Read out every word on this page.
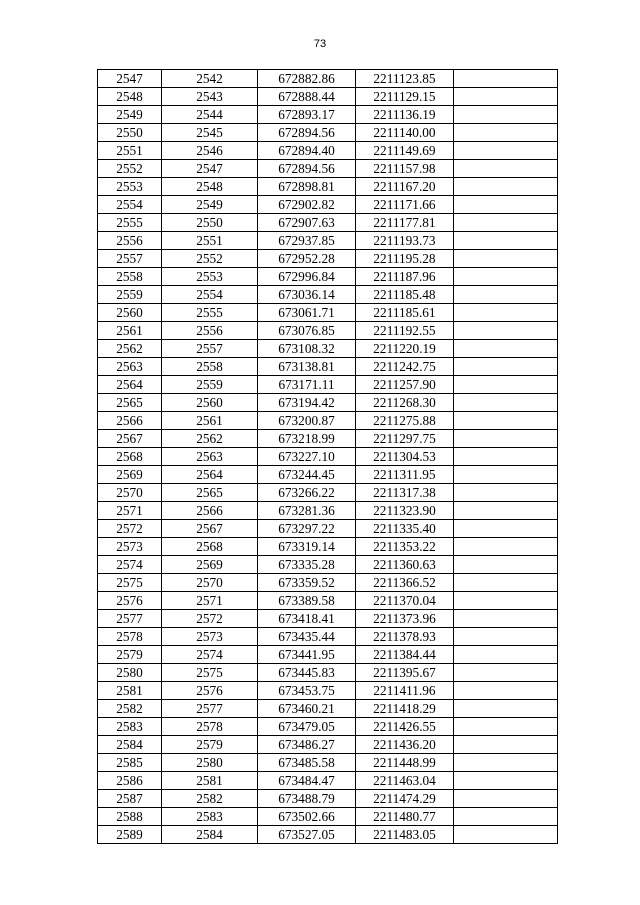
73
2547	2542	672882.86	2211123.85	
2548	2543	672888.44	2211129.15	
2549	2544	672893.17	2211136.19	
2550	2545	672894.56	2211140.00	
2551	2546	672894.40	2211149.69	
2552	2547	672894.56	2211157.98	
2553	2548	672898.81	2211167.20	
2554	2549	672902.82	2211171.66	
2555	2550	672907.63	2211177.81	
2556	2551	672937.85	2211193.73	
2557	2552	672952.28	2211195.28	
2558	2553	672996.84	2211187.96	
2559	2554	673036.14	2211185.48	
2560	2555	673061.71	2211185.61	
2561	2556	673076.85	2211192.55	
2562	2557	673108.32	2211220.19	
2563	2558	673138.81	2211242.75	
2564	2559	673171.11	2211257.90	
2565	2560	673194.42	2211268.30	
2566	2561	673200.87	2211275.88	
2567	2562	673218.99	2211297.75	
2568	2563	673227.10	2211304.53	
2569	2564	673244.45	2211311.95	
2570	2565	673266.22	2211317.38	
2571	2566	673281.36	2211323.90	
2572	2567	673297.22	2211335.40	
2573	2568	673319.14	2211353.22	
2574	2569	673335.28	2211360.63	
2575	2570	673359.52	2211366.52	
2576	2571	673389.58	2211370.04	
2577	2572	673418.41	2211373.96	
2578	2573	673435.44	2211378.93	
2579	2574	673441.95	2211384.44	
2580	2575	673445.83	2211395.67	
2581	2576	673453.75	2211411.96	
2582	2577	673460.21	2211418.29	
2583	2578	673479.05	2211426.55	
2584	2579	673486.27	2211436.20	
2585	2580	673485.58	2211448.99	
2586	2581	673484.47	2211463.04	
2587	2582	673488.79	2211474.29	
2588	2583	673502.66	2211480.77	
2589	2584	673527.05	2211483.05	
